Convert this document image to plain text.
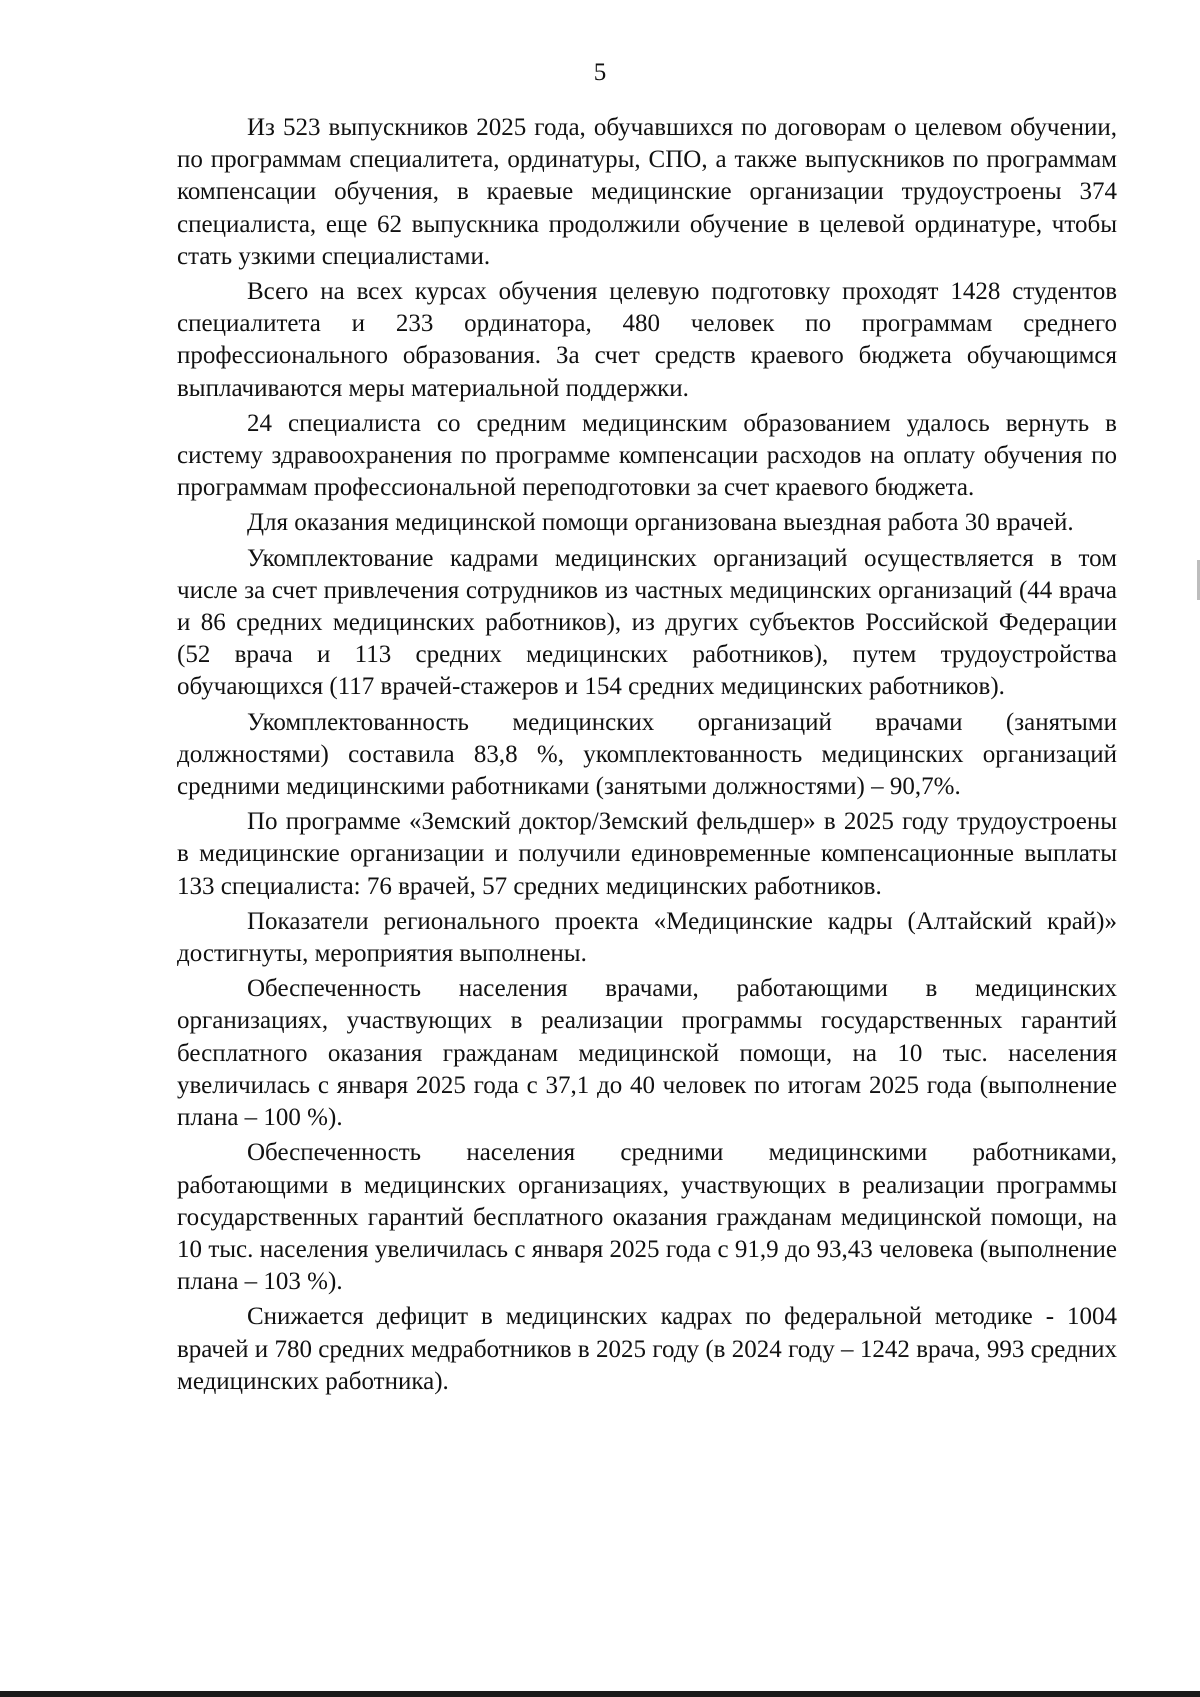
5

Из 523 выпускников 2025 года, обучавшихся по договорам о целевом обучении, по программам специалитета, ординатуры, СПО, а также выпускников по программам компенсации обучения, в краевые медицинские организации трудоустроены 374 специалиста, еще 62 выпускника продолжили обучение в целевой ординатуре, чтобы стать узкими специалистами.

Всего на всех курсах обучения целевую подготовку проходят 1428 студентов специалитета и 233 ординатора, 480 человек по программам среднего профессионального образования. За счет средств краевого бюджета обучающимся выплачиваются меры материальной поддержки.

24 специалиста со средним медицинским образованием удалось вернуть в систему здравоохранения по программе компенсации расходов на оплату обучения по программам профессиональной переподготовки за счет краевого бюджета.

Для оказания медицинской помощи организована выездная работа 30 врачей.

Укомплектование кадрами медицинских организаций осуществляется в том числе за счет привлечения сотрудников из частных медицинских организаций (44 врача и 86 средних медицинских работников), из других субъектов Российской Федерации (52 врача и 113 средних медицинских работников), путем трудоустройства обучающихся (117 врачей-стажеров и 154 средних медицинских работников).

Укомплектованность медицинских организаций врачами (занятыми должностями) составила 83,8 %, укомплектованность медицинских организаций средними медицинскими работниками (занятыми должностями) – 90,7%.

По программе «Земский доктор/Земский фельдшер» в 2025 году трудоустроены в медицинские организации и получили единовременные компенсационные выплаты 133 специалиста: 76 врачей, 57 средних медицинских работников.

Показатели регионального проекта «Медицинские кадры (Алтайский край)» достигнуты, мероприятия выполнены.

Обеспеченность населения врачами, работающими в медицинских организациях, участвующих в реализации программы государственных гарантий бесплатного оказания гражданам медицинской помощи, на 10 тыс. населения увеличилась с января 2025 года с 37,1 до 40 человек по итогам 2025 года (выполнение плана – 100 %).

Обеспеченность населения средними медицинскими работниками, работающими в медицинских организациях, участвующих в реализации программы государственных гарантий бесплатного оказания гражданам медицинской помощи, на 10 тыс. населения увеличилась с января 2025 года с 91,9 до 93,43 человека (выполнение плана – 103 %).

Снижается дефицит в медицинских кадрах по федеральной методике - 1004 врачей и 780 средних медработников в 2025 году (в 2024 году – 1242 врача, 993 средних медицинских работника).
